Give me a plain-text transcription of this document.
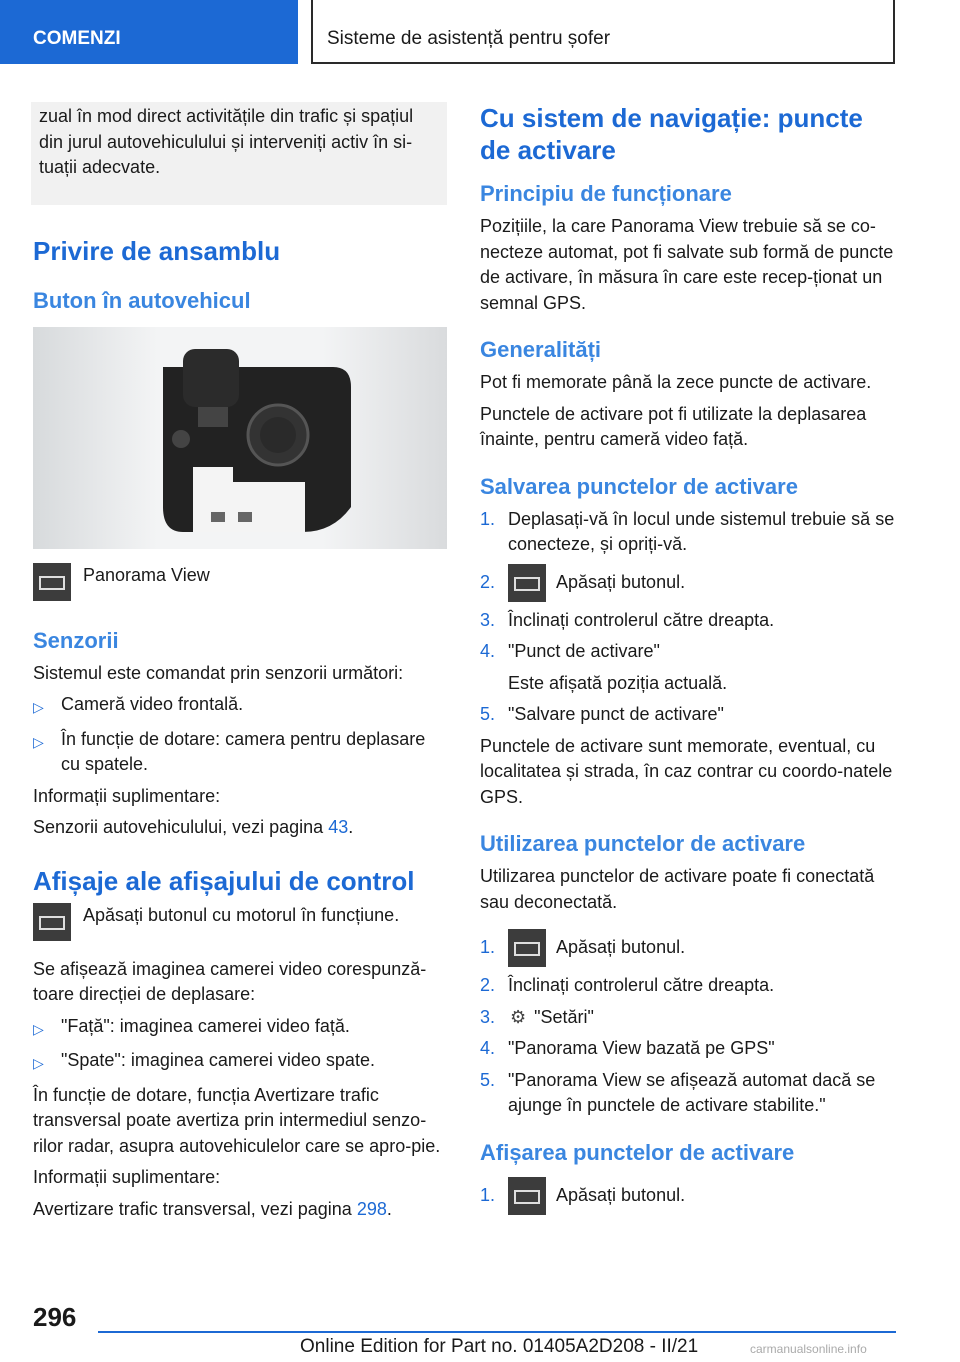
COMENZI	Sisteme de asistență pentru șofer
zual în mod direct activitățile din trafic și spațiul din jurul autovehiculului și interveniți activ în si-tuații adecvate.
Privire de ansamblu
Buton în autovehicul
Panorama View
Senzorii

Sistemul este comandat prin senzorii următori:

▷ Cameră video frontală.
▷ În funcție de dotare: camera pentru deplasare cu spatele.

Informații suplimentare:

Senzorii autovehiculului, vezi pagina 43.

Afișaje ale afișajului de control
Apăsați butonul cu motorul în funcțiune.

Se afișează imaginea camerei video corespunză-toare direcției de deplasare:

▷ "Față": imaginea camerei video față.
▷ "Spate": imaginea camerei video spate.

În funcție de dotare, funcția Avertizare trafic transversal poate avertiza prin intermediul senzo-rilor radar, asupra autovehiculelor care se apro-pie.

Informații suplimentare:

Avertizare trafic transversal, vezi pagina 298.

Cu sistem de navigație: puncte de activare
Principiu de funcționare

Pozițiile, la care Panorama View trebuie să se co-necteze automat, pot fi salvate sub formă de puncte de activare, în măsura în care este recep-ționat un semnal GPS.

Generalități

Pot fi memorate până la zece puncte de activare.

Punctele de activare pot fi utilizate la deplasarea înainte, pentru cameră video față.

Salvarea punctelor de activare
1. Deplasați-vă în locul unde sistemul trebuie să se conecteze, și opriți-vă.
2.	Apăsați butonul.
3. Înclinați controlerul către dreapta.
4. "Punct de activare"

Este afișată poziția actuală.

5. "Salvare punct de activare"

Punctele de activare sunt memorate, eventual, cu localitatea și strada, în caz contrar cu coordo-natele GPS.

Utilizarea punctelor de activare

Utilizarea punctelor de activare poate fi conectată sau deconectată.

1.	Apăsați butonul.
2. Înclinați controlerul către dreapta.
3. ⚙ "Setări"
4. "Panorama View bazată pe GPS"
5. "Panorama View se afișează automat dacă se ajunge în punctele de activare stabilite."
Afișarea punctelor de activare
1.	Apăsați butonul.
296
Online Edition for Part no. 01405A2D208 - II/21	carmanualsonline.info
